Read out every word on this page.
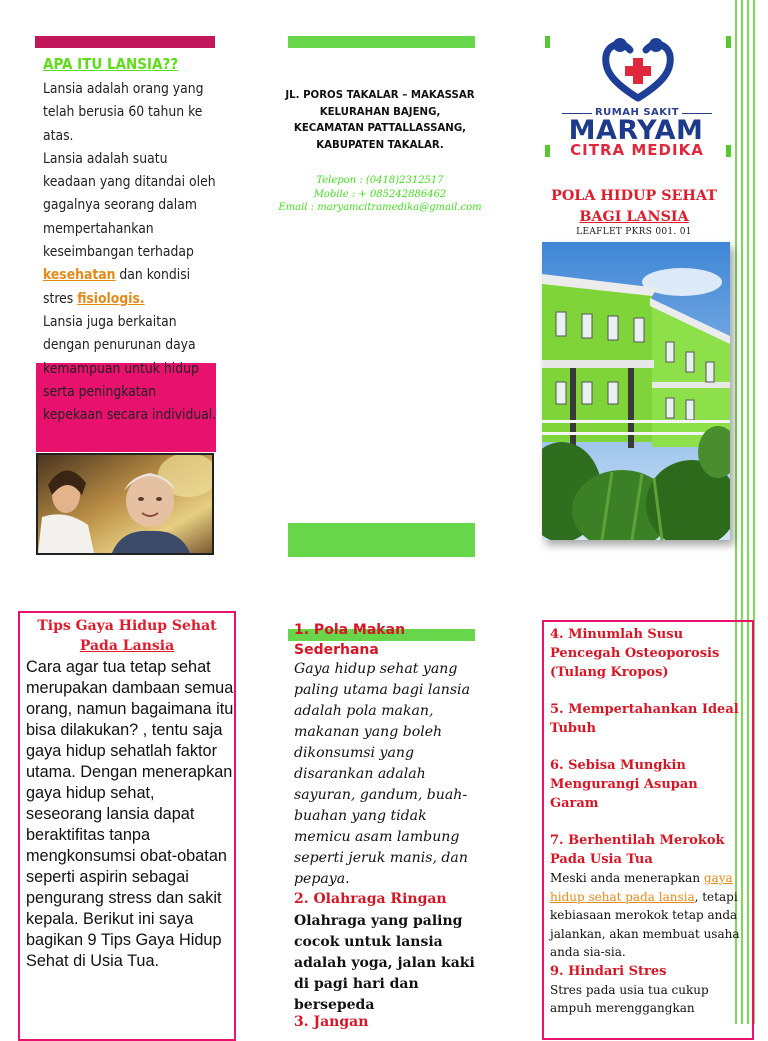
APA ITU LANSIA??

Lansia adalah orang yang telah berusia 60 tahun ke atas.

Lansia adalah suatu keadaan yang ditandai oleh gagalnya seorang dalam mempertahankan keseimbangan terhadap kesehatan dan kondisi stres fisiologis.

Lansia juga berkaitan dengan penurunan daya kemampuan untuk hidup serta peningkatan kepekaan secara individual.

JL. POROS TAKALAR – MAKASSAR
KELURAHAN BAJENG,
KECAMATAN PATTALLASSANG,
KABUPATEN TAKALAR.
Telepon : (0418)2312517
Mobile : + 085242886462
Email : maryamcitramedika@gmail.com
RUMAH SAKIT
MARYAM
CITRA MEDIKA
POLA HIDUP SEHAT
BAGI LANSIA
LEAFLET PKRS 001. 01
Tips Gaya Hidup Sehat
Pada Lansia
Cara agar tua tetap sehat merupakan dambaan semua orang, namun bagaimana itu bisa dilakukan? , tentu saja gaya hidup sehatlah faktor utama. Dengan menerapkan gaya hidup sehat, seseorang lansia dapat beraktifitas tanpa mengkonsumsi obat-obatan seperti aspirin sebagai pengurang stress dan sakit kepala. Berikut ini saya bagikan 9 Tips Gaya Hidup Sehat di Usia Tua.
1. Pola Makan Sederhana
Gaya hidup sehat yang paling utama bagi lansia adalah pola makan, makanan yang boleh dikonsumsi yang disarankan adalah sayuran, gandum, buah-buahan yang tidak memicu asam lambung seperti jeruk manis, dan pepaya.
2. Olahraga Ringan
Olahraga yang paling cocok untuk lansia adalah yoga, jalan kaki di pagi hari dan bersepeda
3. Jangan
4. Minumlah Susu Pencegah Osteoporosis (Tulang Kropos)
5. Mempertahankan Ideal Tubuh
6. Sebisa Mungkin Mengurangi Asupan Garam
7. Berhentilah Merokok Pada Usia Tua
Meski anda menerapkan gaya hidup sehat pada lansia, tetapi kebiasaan merokok tetap anda jalankan, akan membuat usaha anda sia-sia.
9. Hindari Stres
Stres pada usia tua cukup ampuh merenggangkan
